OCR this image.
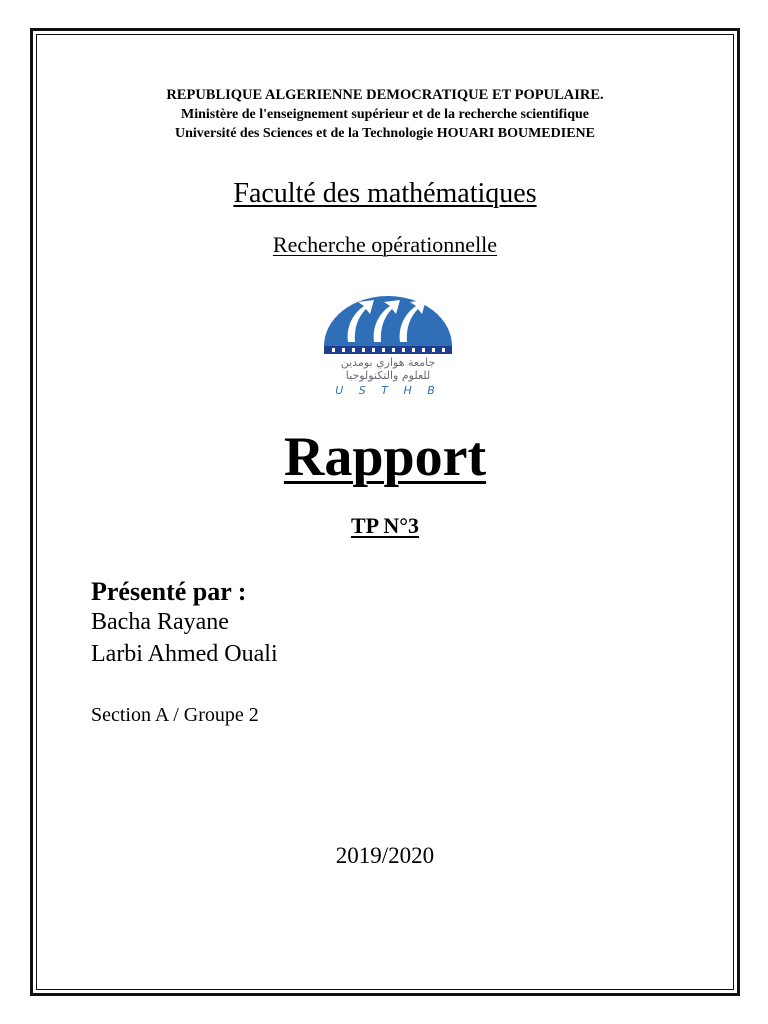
REPUBLIQUE ALGERIENNE DEMOCRATIQUE ET POPULAIRE.
Ministère de l'enseignement supérieur et de la recherche scientifique
Université des Sciences et de la Technologie HOUARI BOUMEDIENE
Faculté des mathématiques
Recherche opérationnelle
جامعة هواري بومدين
للعلوم والتكنولوجيا
U S T H B
Rapport
TP N°3
Présenté par :
Bacha Rayane
Larbi Ahmed Ouali
Section A / Groupe 2
2019/2020
